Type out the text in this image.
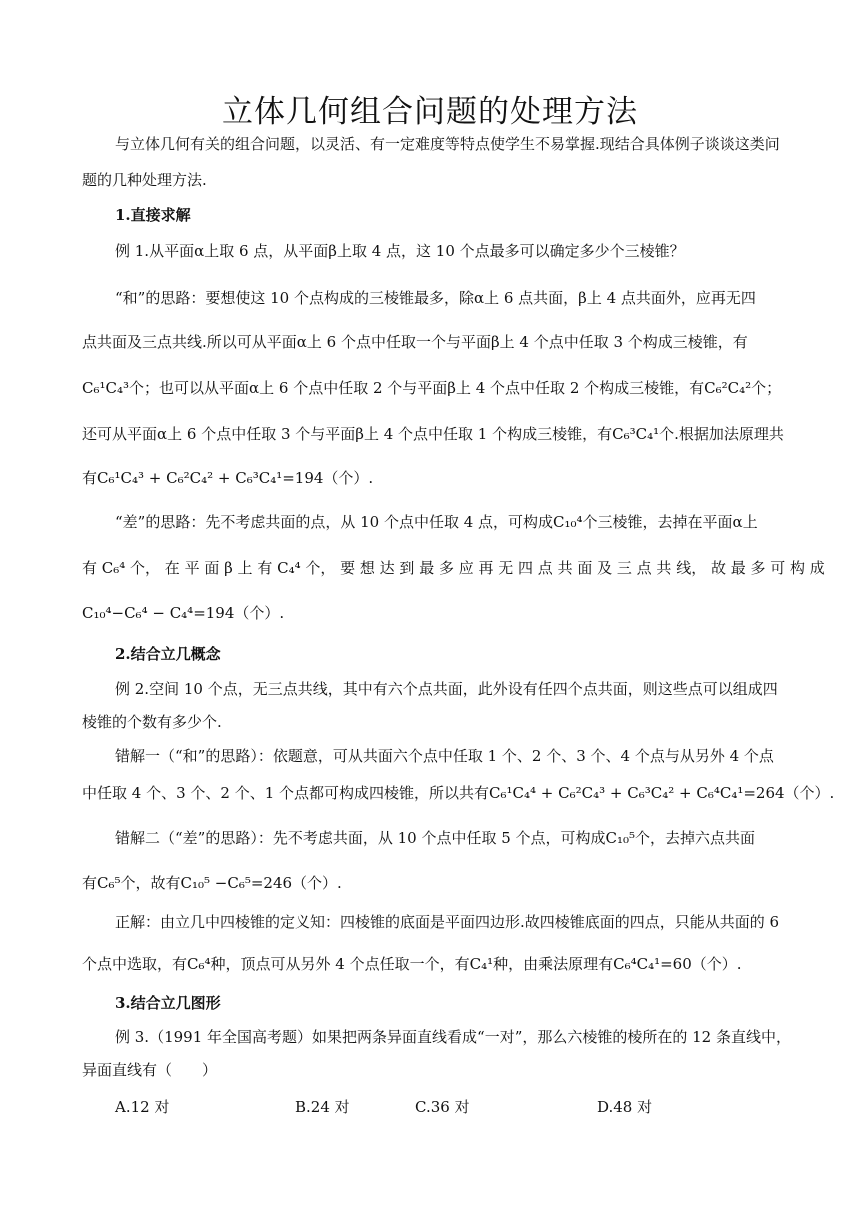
立体几何组合问题的处理方法
与立体几何有关的组合问题，以灵活、有一定难度等特点使学生不易掌握.现结合具体例子谈谈这类问
题的几种处理方法.
1.直接求解
例 1.从平面α上取 6 点，从平面β上取 4 点，这 10 个点最多可以确定多少个三棱锥？
“和”的思路：要想使这 10 个点构成的三棱锥最多，除α上 6 点共面，β上 4 点共面外，应再无四
点共面及三点共线.所以可从平面α上 6 个点中任取一个与平面β上 4 个点中任取 3 个构成三棱锥，有
C₆¹C₄³个；也可以从平面α上 6 个点中任取 2 个与平面β上 4 个点中任取 2 个构成三棱锥，有C₆²C₄²个；
还可从平面α上 6 个点中任取 3 个与平面β上 4 个点中任取 1 个构成三棱锥，有C₆³C₄¹个.根据加法原理共
有C₆¹C₄³ + C₆²C₄² + C₆³C₄¹=194（个）.
“差”的思路：先不考虑共面的点，从 10 个点中任取 4 点，可构成C₁₀⁴个三棱锥，去掉在平面α上
有 C₆⁴ 个， 在 平 面 β 上 有 C₄⁴ 个， 要 想 达 到 最 多 应 再 无 四 点 共 面 及 三 点 共 线， 故 最 多 可 构 成
C₁₀⁴−C₆⁴ − C₄⁴=194（个）.
2.结合立几概念
例 2.空间 10 个点，无三点共线，其中有六个点共面，此外设有任四个点共面，则这些点可以组成四
棱锥的个数有多少个.
错解一（“和”的思路）：依题意，可从共面六个点中任取 1 个、2 个、3 个、4 个点与从另外 4 个点
中任取 4 个、3 个、2 个、1 个点都可构成四棱锥，所以共有C₆¹C₄⁴ + C₆²C₄³ + C₆³C₄² + C₆⁴C₄¹=264（个）.
错解二（“差”的思路）：先不考虑共面，从 10 个点中任取 5 个点，可构成C₁₀⁵个，去掉六点共面
有C₆⁵个，故有C₁₀⁵ −C₆⁵=246（个）.
正解：由立几中四棱锥的定义知：四棱锥的底面是平面四边形.故四棱锥底面的四点，只能从共面的 6
个点中选取，有C₆⁴种，顶点可从另外 4 个点任取一个，有C₄¹种，由乘法原理有C₆⁴C₄¹=60（个）.
3.结合立几图形
例 3.（1991 年全国高考题）如果把两条异面直线看成“一对”，那么六棱锥的棱所在的 12 条直线中，
异面直线有（　　）
A.12 对	B.24 对	C.36 对	D.48 对
